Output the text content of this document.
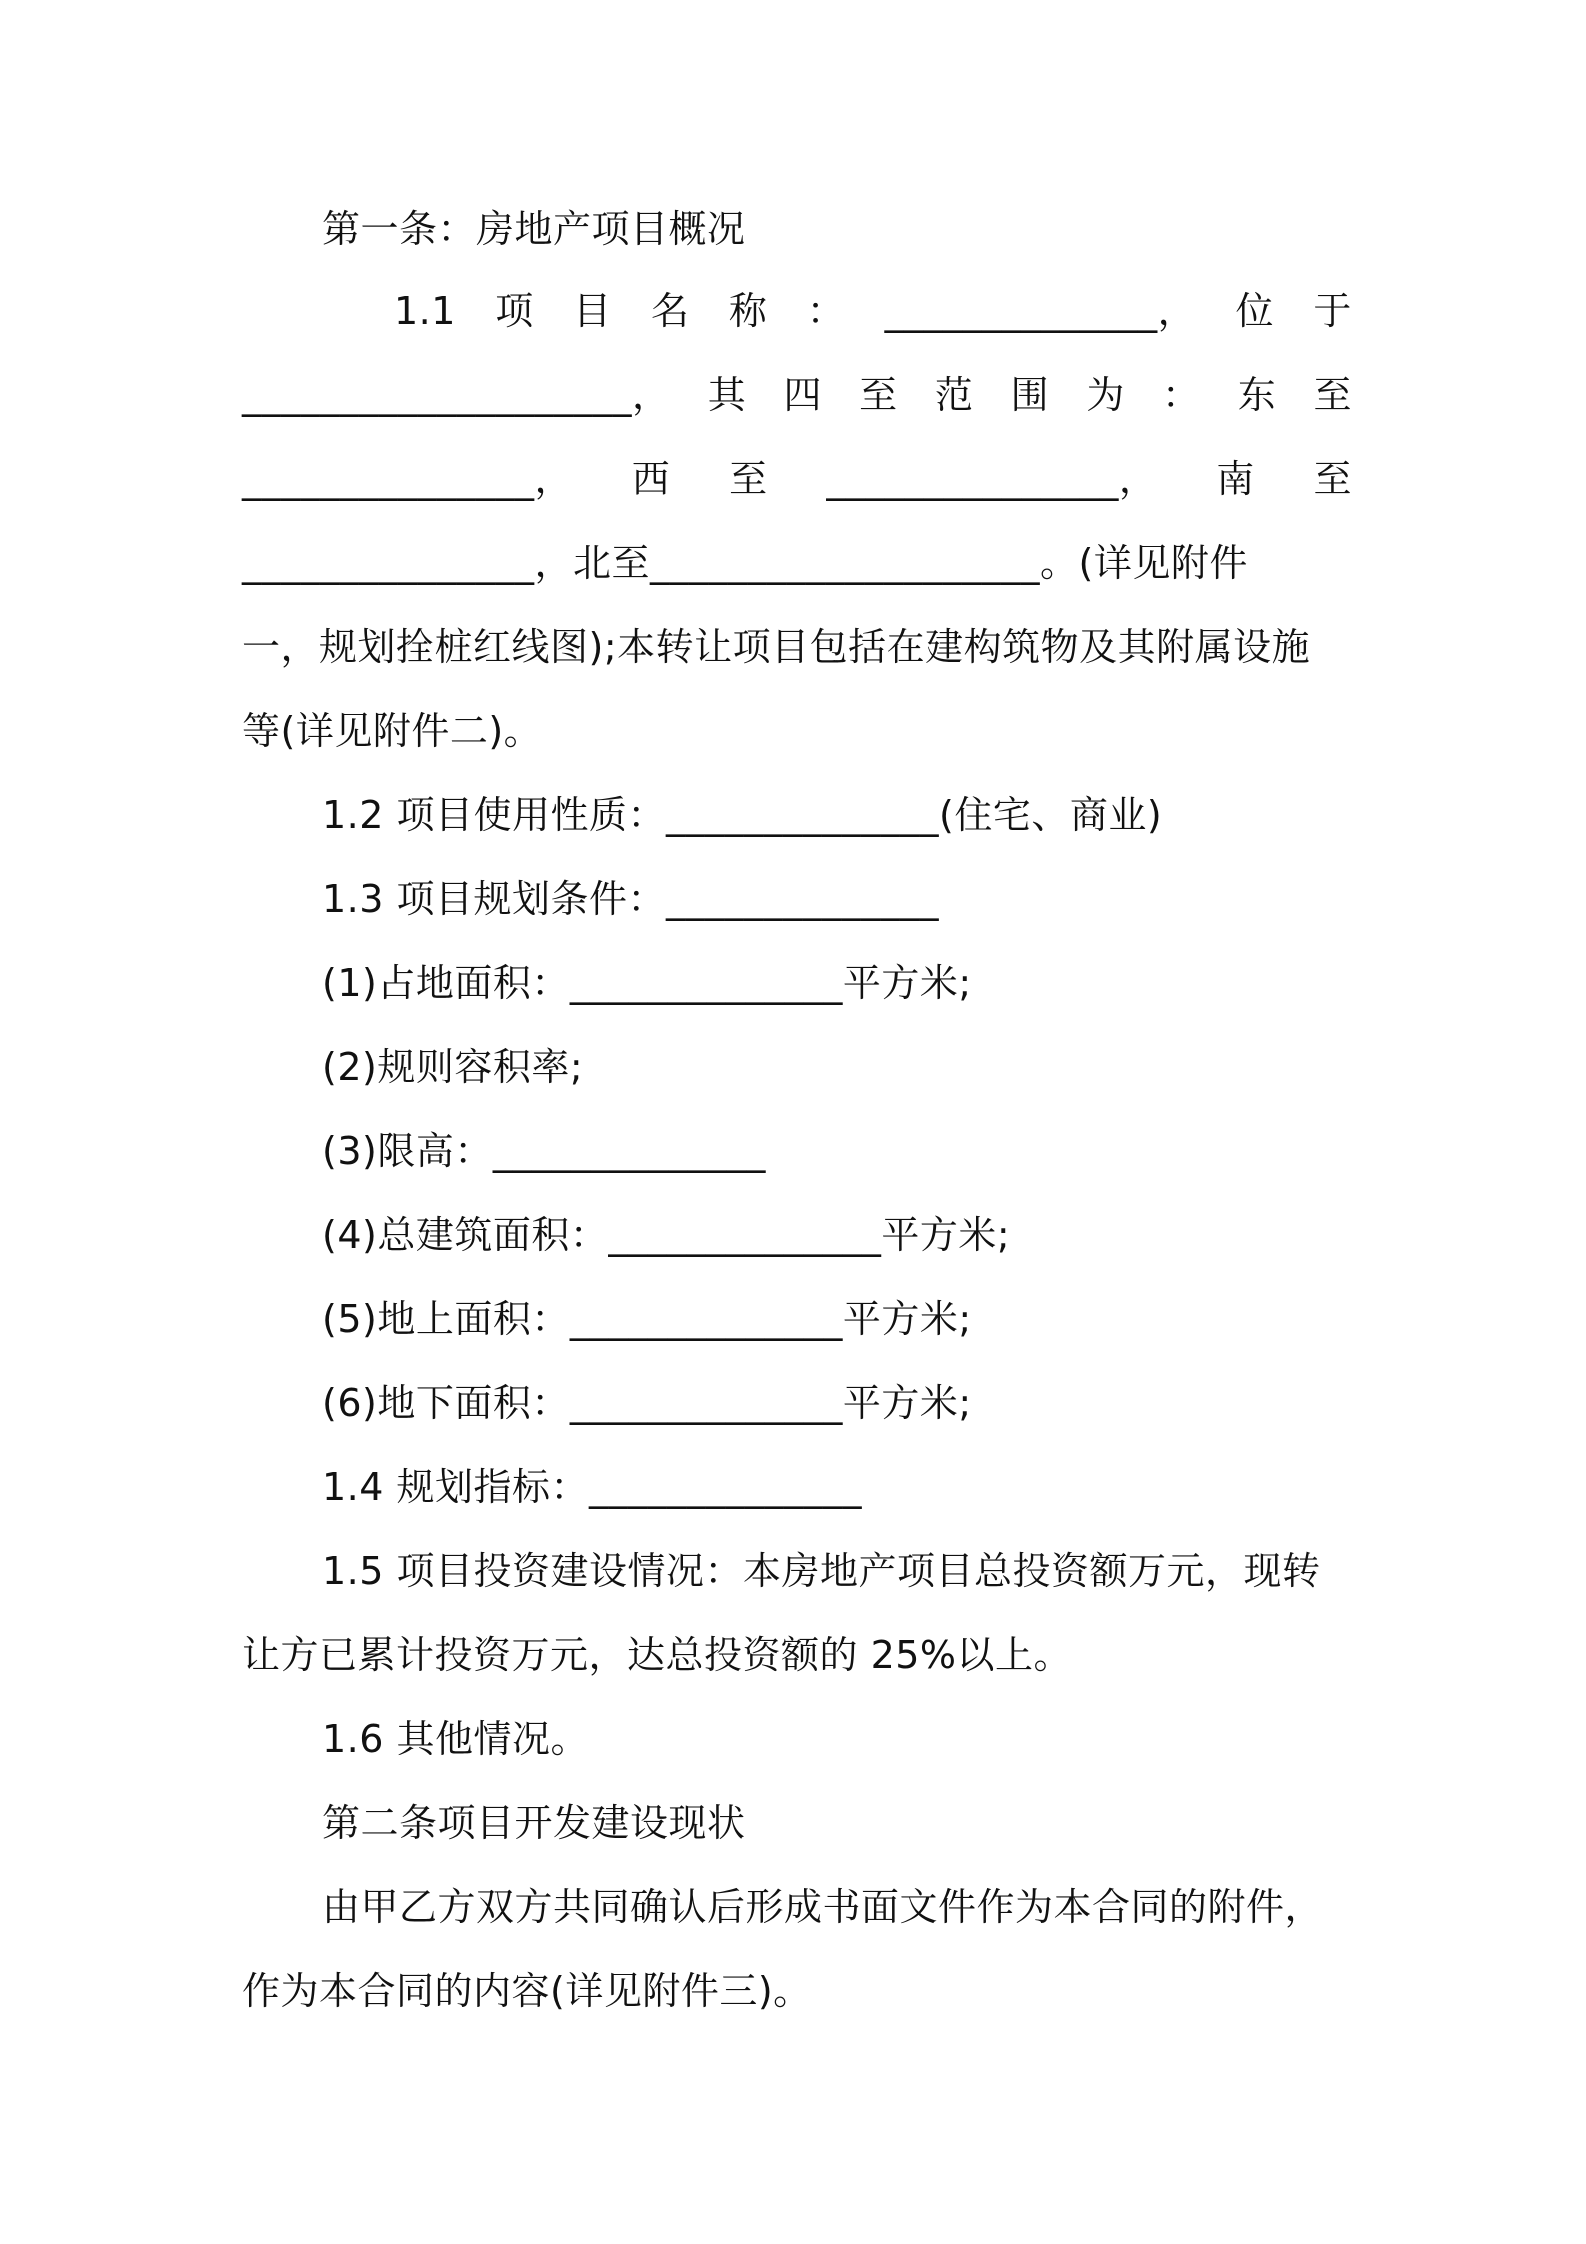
第一条：房地产项目概况
1.1 项 目 名 称 ： ______________， 位 于
____________________， 其 四 至 范 围 为 ： 东 至
_______________， 西 至 _______________， 南 至
_______________，北至____________________。(详见附件
一，规划拴桩红线图);本转让项目包括在建构筑物及其附属设施
等(详见附件二)。
1.2 项目使用性质：______________(住宅、商业)
1.3 项目规划条件：______________
(1)占地面积：______________平方米;
(2)规则容积率;
(3)限高：______________
(4)总建筑面积：______________平方米;
(5)地上面积：______________平方米;
(6)地下面积：______________平方米;
1.4 规划指标：______________
1.5 项目投资建设情况：本房地产项目总投资额万元，现转
让方已累计投资万元，达总投资额的 25%以上。
1.6 其他情况。
第二条项目开发建设现状
由甲乙方双方共同确认后形成书面文件作为本合同的附件，
作为本合同的内容(详见附件三)。
